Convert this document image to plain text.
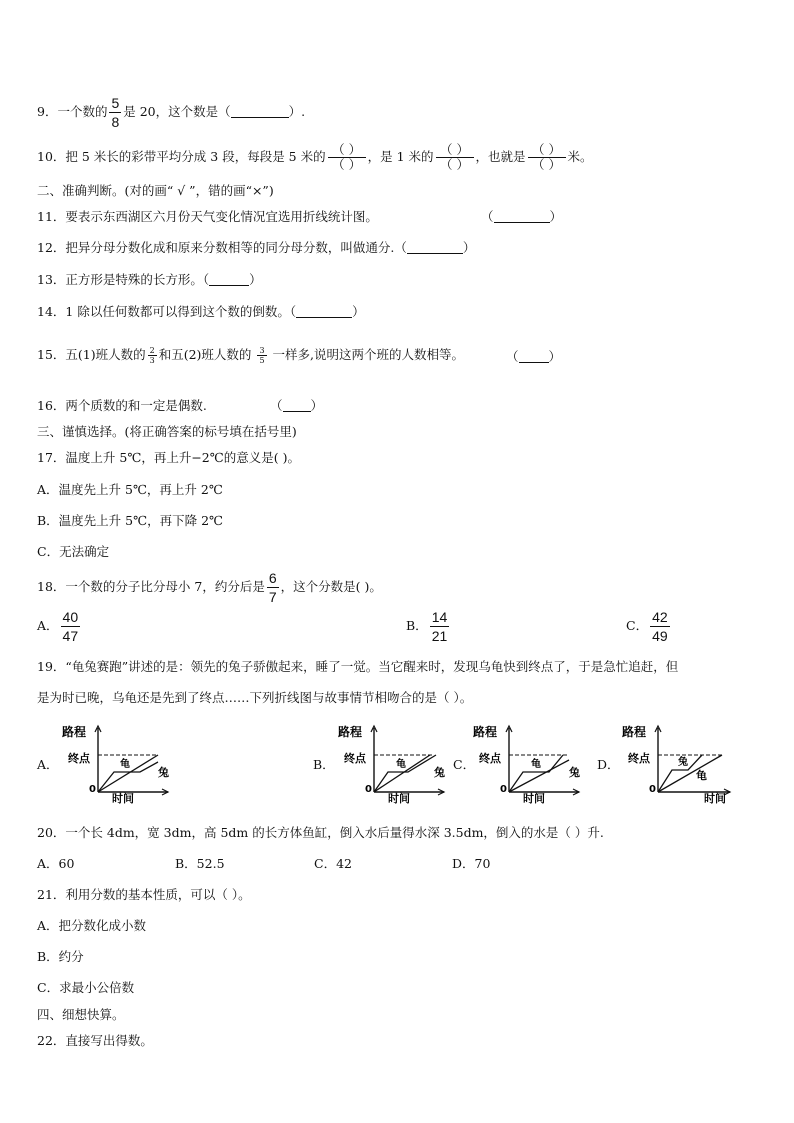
9．一个数的 $\frac{5}{8}$ 是 20，这个数是（	）.
10．把 5 米长的彩带平均分成 3 段，每段是 5 米的 $\frac{( )}{( )}$ ，是 1 米的 $\frac{( )}{( )}$ ，也就是 $\frac{( )}{( )}$ 米。
二、准确判断。(对的画“ √ ”，错的画“×”)
11．要表示东西湖区六月份天气变化情况宜选用折线统计图。	（	）
12．把异分母分数化成和原来分数相等的同分母分数，叫做通分.（	）
13．正方形是特殊的长方形。（	）
14．1 除以任何数都可以得到这个数的倒数。（	）
15．五(1)班人数的 $\frac{2}{3}$ 和五(2)班人数的 $\frac{3}{5}$ 一样多,说明这两个班的人数相等。	（ ）
16．两个质数的和一定是偶数.	（ ）
三、谨慎选择。(将正确答案的标号填在括号里)
17．温度上升 5℃，再上升−2℃的意义是( )。
A．温度先上升 5℃，再上升 2℃
B．温度先上升 5℃，再下降 2℃
C．无法确定
18．一个数的分子比分母小 7，约分后是 $\frac{6}{7}$ ，这个分数是( )。
A． $\frac{40}{47}$	B． $\frac{14}{21}$	C． $\frac{42}{49}$
19．“龟兔赛跑”讲述的是：领先的兔子骄傲起来，睡了一觉。当它醒来时，发现乌龟快到终点了，于是急忙追赶，但
是为时已晚，乌龟还是先到了终点……下列折线图与故事情节相吻合的是（ ）。
A．
路程
终点	龟
兔
0
时间
B．
路程
终点	龟
兔
0
时间
C．
路程
终点	龟
兔
0
时间
D．
路程
终点	兔
龟
0
时间
20．一个长 4dm，宽 3dm，高 5dm 的长方体鱼缸，倒入水后量得水深 3.5dm，倒入的水是（ ）升.
A．60	B．52.5	C．42	D．70
21．利用分数的基本性质，可以（ ）。
A．把分数化成小数
B．约分
C．求最小公倍数
四、细想快算。
22．直接写出得数。
